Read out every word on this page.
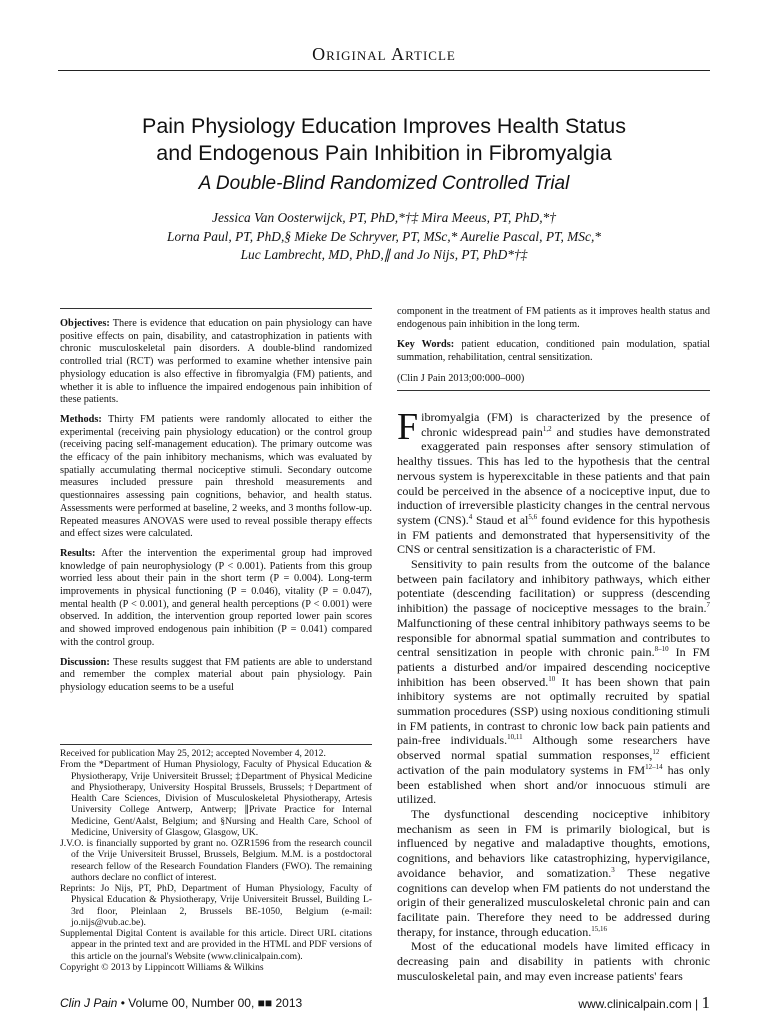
Original Article
Pain Physiology Education Improves Health Status
and Endogenous Pain Inhibition in Fibromyalgia
A Double-Blind Randomized Controlled Trial
Jessica Van Oosterwijck, PT, PhD,*†‡ Mira Meeus, PT, PhD,*†
Lorna Paul, PT, PhD,§ Mieke De Schryver, PT, MSc,* Aurelie Pascal, PT, MSc,*
Luc Lambrecht, MD, PhD,∥ and Jo Nijs, PT, PhD*†‡

Objectives: There is evidence that education on pain physiology can have positive effects on pain, disability, and catastrophization in patients with chronic musculoskeletal pain disorders. A double-blind randomized controlled trial (RCT) was performed to examine whether intensive pain physiology education is also effective in fibromyalgia (FM) patients, and whether it is able to influence the impaired endogenous pain inhibition of these patients.

Methods: Thirty FM patients were randomly allocated to either the experimental (receiving pain physiology education) or the control group (receiving pacing self-management education). The primary outcome was the efficacy of the pain inhibitory mechanisms, which was evaluated by spatially accumulating thermal nociceptive stimuli. Secondary outcome measures included pressure pain threshold measurements and questionnaires assessing pain cognitions, behavior, and health status. Assessments were performed at baseline, 2 weeks, and 3 months follow-up. Repeated measures ANOVAS were used to reveal possible therapy effects and effect sizes were calculated.

Results: After the intervention the experimental group had improved knowledge of pain neurophysiology (P < 0.001). Patients from this group worried less about their pain in the short term (P = 0.004). Long-term improvements in physical functioning (P = 0.046), vitality (P = 0.047), mental health (P < 0.001), and general health perceptions (P < 0.001) were observed. In addition, the intervention group reported lower pain scores and showed improved endogenous pain inhibition (P = 0.041) compared with the control group.

Discussion: These results suggest that FM patients are able to understand and remember the complex material about pain physiology. Pain physiology education seems to be a useful

Received for publication May 25, 2012; accepted November 4, 2012.
From the *Department of Human Physiology, Faculty of Physical Education & Physiotherapy, Vrije Universiteit Brussel; ‡Department of Physical Medicine and Physiotherapy, University Hospital Brussels, Brussels; †Department of Health Care Sciences, Division of Musculoskeletal Physiotherapy, Artesis University College Antwerp, Antwerp; ∥Private Practice for Internal Medicine, Gent/Aalst, Belgium; and §Nursing and Health Care, School of Medicine, University of Glasgow, Glasgow, UK.
J.V.O. is financially supported by grant no. OZR1596 from the research council of the Vrije Universiteit Brussel, Brussels, Belgium. M.M. is a postdoctoral research fellow of the Research Foundation Flanders (FWO). The remaining authors declare no conflict of interest.
Reprints: Jo Nijs, PT, PhD, Department of Human Physiology, Faculty of Physical Education & Physiotherapy, Vrije Universiteit Brussel, Building L-3rd floor, Pleinlaan 2, Brussels BE-1050, Belgium (e-mail: jo.nijs@vub.ac.be).
Supplemental Digital Content is available for this article. Direct URL citations appear in the printed text and are provided in the HTML and PDF versions of this article on the journal's Website (www.clinicalpain.com).
Copyright © 2013 by Lippincott Williams & Wilkins

component in the treatment of FM patients as it improves health status and endogenous pain inhibition in the long term.

Key Words: patient education, conditioned pain modulation, spatial summation, rehabilitation, central sensitization.

(Clin J Pain 2013;00:000–000)

Fibromyalgia (FM) is characterized by the presence of chronic widespread pain$^{1,2}$ and studies have demonstrated exaggerated pain responses after sensory stimulation of healthy tissues. This has led to the hypothesis that the central nervous system is hyperexcitable in these patients and that pain could be perceived in the absence of a nociceptive input, due to induction of irreversible plasticity changes in the central nervous system (CNS).$^4$ Staud et al$^{5,6}$ found evidence for this hypothesis in FM patients and demonstrated that hypersensitivity of the CNS or central sensitization is a characteristic of FM.

Sensitivity to pain results from the outcome of the balance between pain facilatory and inhibitory pathways, which either potentiate (descending facilitation) or suppress (descending inhibition) the passage of nociceptive messages to the brain.$^7$ Malfunctioning of these central inhibitory pathways seems to be responsible for abnormal spatial summation and contributes to central sensitization in people with chronic pain.$^{8-10}$ In FM patients a disturbed and/or impaired descending nociceptive inhibition has been observed.$^{10}$ It has been shown that pain inhibitory systems are not optimally recruited by spatial summation procedures (SSP) using noxious conditioning stimuli in FM patients, in contrast to chronic low back pain patients and pain-free individuals.$^{10,11}$ Although some researchers have observed normal spatial summation responses,$^{12}$ efficient activation of the pain modulatory systems in FM$^{12-14}$ has only been established when short and/or innocuous stimuli are utilized.

The dysfunctional descending nociceptive inhibitory mechanism as seen in FM is primarily biological, but is influenced by negative and maladaptive thoughts, emotions, cognitions, and behaviors like catastrophizing, hypervigilance, avoidance behavior, and somatization.$^3$ These negative cognitions can develop when FM patients do not understand the origin of their generalized musculoskeletal chronic pain and can facilitate pain. Therefore they need to be addressed during therapy, for instance, through education.$^{15,16}$

Most of the educational models have limited efficacy in decreasing pain and disability in patients with chronic musculoskeletal pain, and may even increase patients' fears

Clin J Pain • Volume 00, Number 00, ■■ 2013	www.clinicalpain.com | 1
